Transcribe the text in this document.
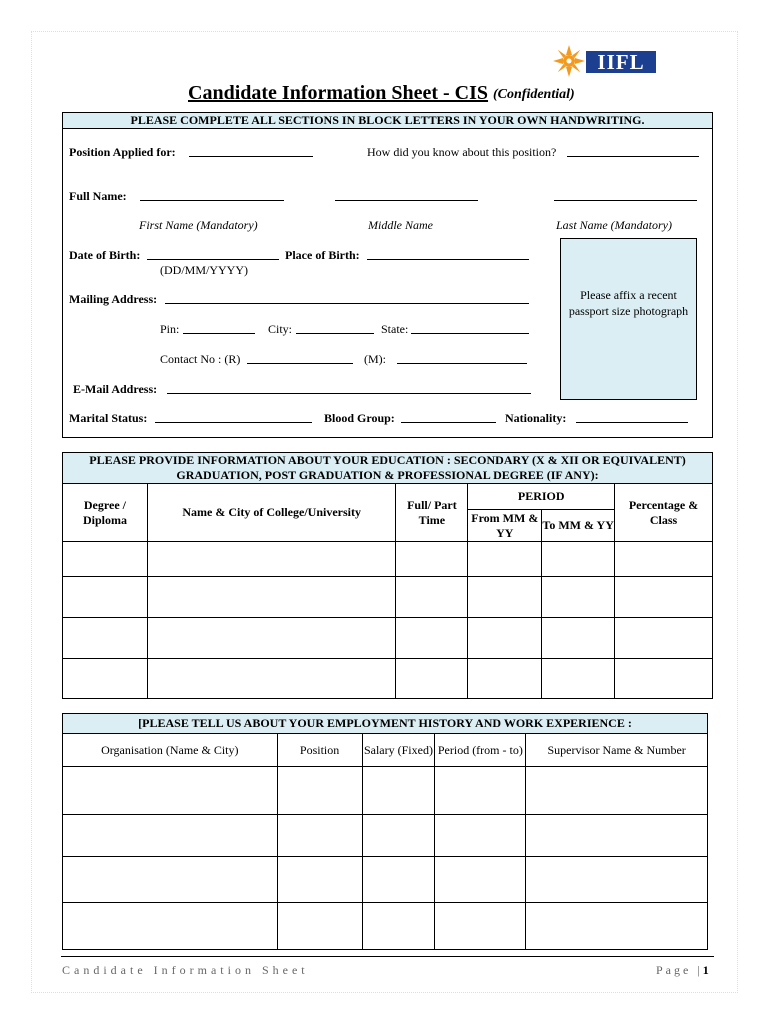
IIFL
Candidate Information Sheet - CIS (Confidential)
PLEASE COMPLETE ALL SECTIONS IN BLOCK LETTERS IN YOUR OWN HANDWRITING.
Position Applied for:	How did you know about this position?
Full Name:
First Name (Mandatory)	Middle Name	Last Name (Mandatory)
Date of Birth:
(DD/MM/YYYY)
Place of Birth:
Mailing Address:
Pin:	City:	State:
Contact No : (R)	(M):
E-Mail Address:
Marital Status:	Blood Group:	Nationality:
Please affix a recent passport size photograph
PLEASE PROVIDE INFORMATION ABOUT YOUR EDUCATION : SECONDARY (X & XII OR EQUIVALENT)
GRADUATION, POST GRADUATION & PROFESSIONAL DEGREE (IF ANY):					

Degree / Diploma	Name & City of College/University	Full/ Part Time	PERIOD		Percentage & Class
			From MM & YY	To MM & YY	

[PLEASE TELL US ABOUT YOUR EMPLOYMENT HISTORY AND WORK EXPERIENCE :				
Organisation (Name & City)	Position	Salary (Fixed)	Period (from - to)	Supervisor Name & Number

Candidate Information Sheet	Page |1
